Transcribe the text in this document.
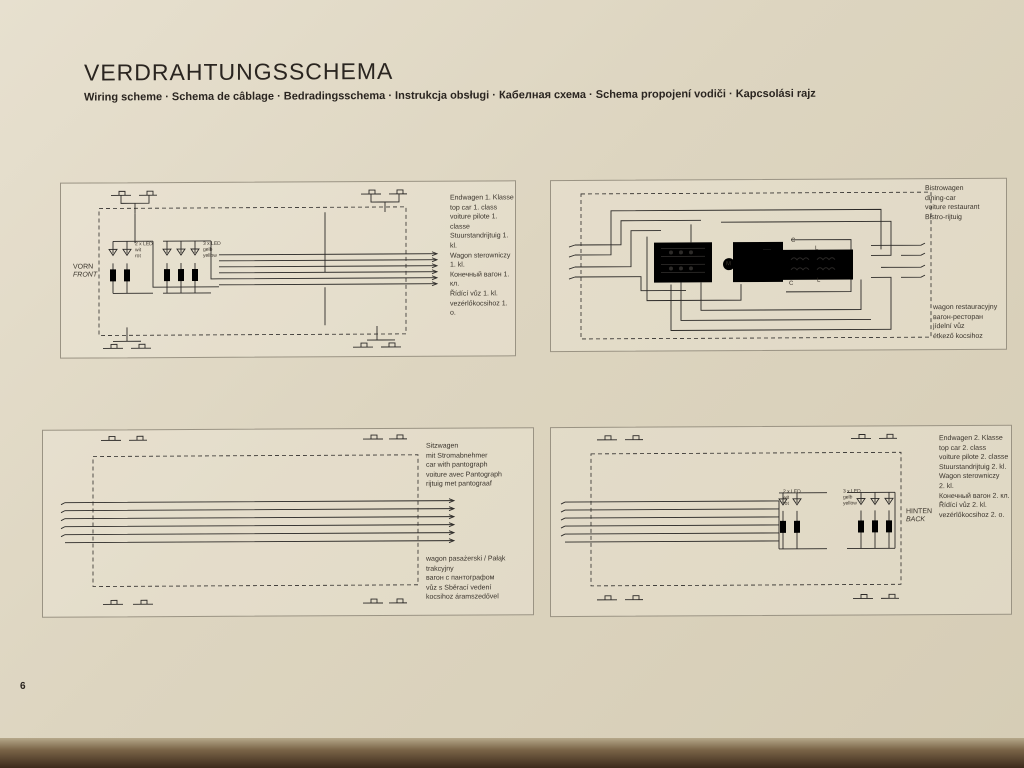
VERDRAHTUNGSSCHEMA
Wiring scheme · Schema de câblage · Bedradingsschema · Instrukcja obsługi · Кабелная схема · Schema propojení vodiči · Kapcsolási rajz
VORN
FRONT
2 x LED
wit
rot
3 x LED
gelb
yellow
Endwagen 1. Klasse
top car 1. class
voiture pilote 1. classe
Stuurstandrijtuig 1. kl.
Wagon sterowniczy
1. kl.
Конечный вагон 1. кл.
Řídící vůz 1. kl.
vezérlőkocsihoz 1. o.
M
C
C
L
L
Bistrowagen
dining-car
voiture restaurant
Bistro-rijtuig
wagon restauracyjny
вагон-ресторан
jídelní vůz
étkező kocsihoz
Sitzwagen
mit Stromabnehmer
car with pantograph
voiture avec Pantograph
rijtuig met pantograaf
wagon pasażerski / Pałąk
trakcyjny
вагон с пантографом
vůz s Sběrací vedení
kocsihoz áramszedővel
2 x LED
wit
rot
3 x LED
gelb
yellow
HINTEN
BACK
Endwagen 2. Klasse
top car 2. class
voiture pilote 2. classe
Stuurstandrijtuig 2. kl.
Wagon sterowniczy
2. kl.
Конечный вагон 2. кл.
Řídící vůz 2. kl.
vezérlőkocsihoz 2. o.
6
